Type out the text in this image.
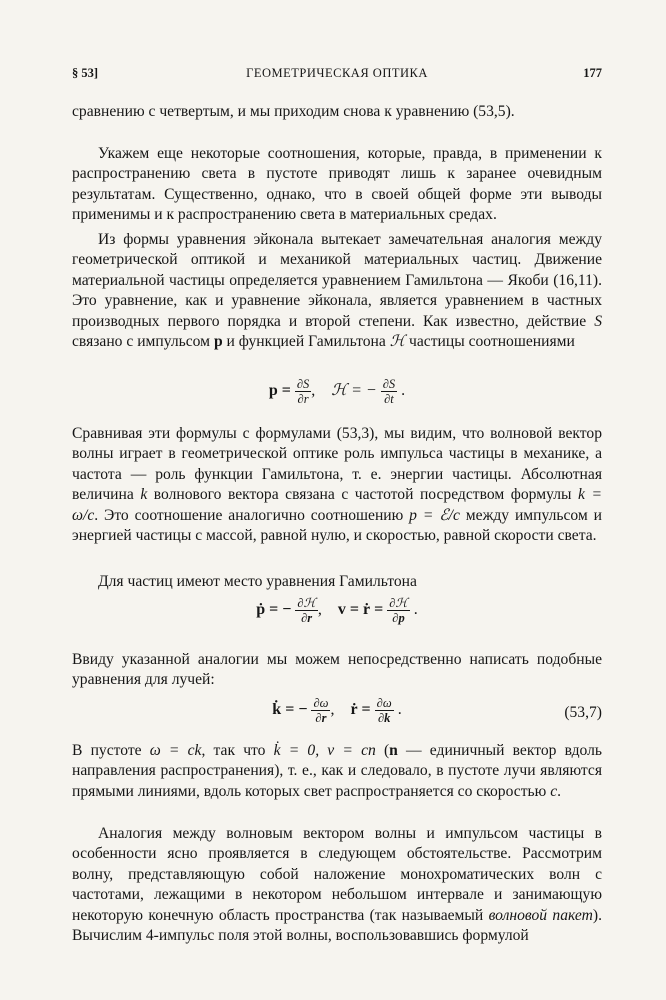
§ 53]	ГЕОМЕТРИЧЕСКАЯ ОПТИКА	177
сравнению с четвертым, и мы приходим снова к уравнению (53,5).
Укажем еще некоторые соотношения, которые, правда, в применении к распространению света в пустоте приводят лишь к заранее очевидным результатам. Существенно, однако, что в своей общей форме эти выводы применимы и к распространению света в материальных средах.
Из формы уравнения эйконала вытекает замечательная аналогия между геометрической оптикой и механикой материальных частиц. Движение материальной частицы определяется уравнением Гамильтона — Якоби (16,11). Это уравнение, как и уравнение эйконала, является уравнением в частных производных первого порядка и второй степени. Как известно, действие S связано с импульсом p и функцией Гамильтона ℋ частицы соотношениями
$p = \frac{\partial S}{\partial r}$ , ℋ = − $\frac{\partial S}{\partial t}$ .
Сравнивая эти формулы с формулами (53,3), мы видим, что волновой вектор волны играет в геометрической оптике роль импульса частицы в механике, а частота — роль функции Гамильтона, т. е. энергии частицы. Абсолютная величина k волнового вектора связана с частотой посредством формулы k = ω/c. Это соотношение аналогично соотношению p = ℰ/c между импульсом и энергией частицы с массой, равной нулю, и скоростью, равной скорости света.
Для частиц имеют место уравнения Гамильтона
ṗ = − $\frac{\text{∂ℋ}}{\partial r}$ , v = ṙ = $\frac{\text{∂ℋ}}{\partial p}$ .
Ввиду указанной аналогии мы можем непосредственно написать подобные уравнения для лучей:
k̇ = − $\frac{\partial\omega}{\partial r}$ , ṙ = $\frac{\partial\omega}{\partial k}$ .	(53,7)
В пустоте ω = ck, так что k̇ = 0, v = cn (n — единичный вектор вдоль направления распространения), т. е., как и следовало, в пустоте лучи являются прямыми линиями, вдоль которых свет распространяется со скоростью c.
Аналогия между волновым вектором волны и импульсом частицы в особенности ясно проявляется в следующем обстоятельстве. Рассмотрим волну, представляющую собой наложение монохроматических волн с частотами, лежащими в некотором небольшом интервале и занимающую некоторую конечную область пространства (так называемый волновой пакет). Вычислим 4-импульс поля этой волны, воспользовавшись формулой
